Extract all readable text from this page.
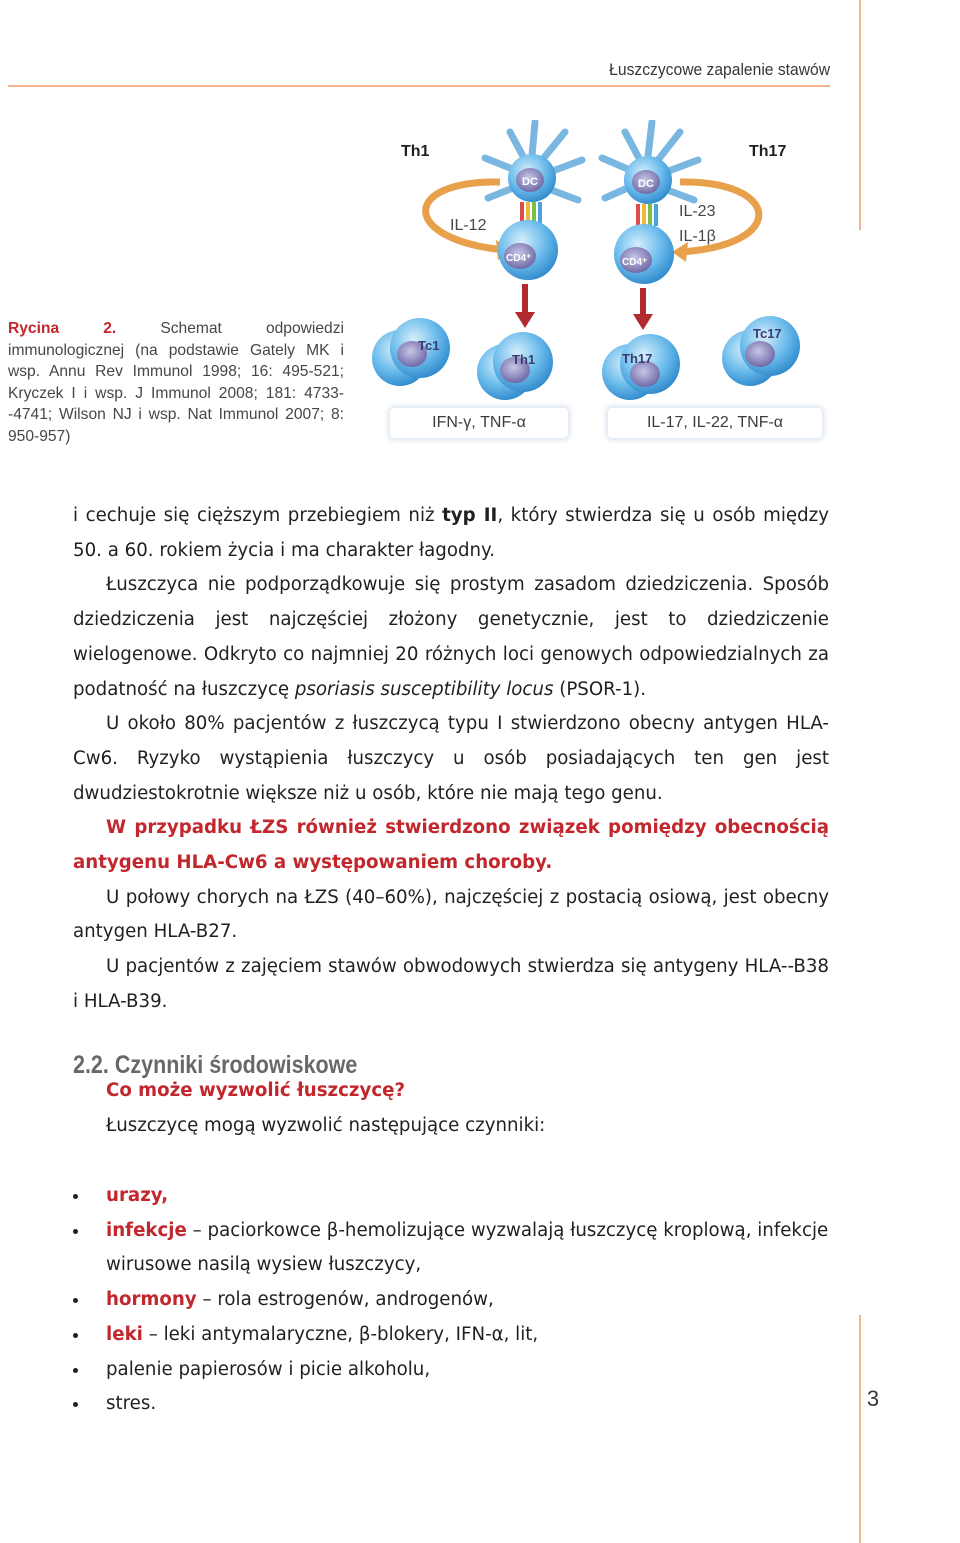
Łuszczycowe zapalenie stawów
Rycina 2.	Schemat odpowiedzi immunologicznej (na podstawie Gately MK i wsp. Annu Rev Immunol 1998; 16: 495-521; Kryczek I i wsp. J Immunol 2008; 181: 4733--4741; Wilson NJ i wsp. Nat Immunol 2007; 8: 950-957)
DC
CD4⁺
DC
CD4⁺
Tc1
Th1	Th17
Tc17
Th1	Th17
IL-12
IL-23
IL-1β
IFN-γ, TNF-α	IL-17, IL-22, TNF-α

i cechuje się cięższym przebiegiem niż typ II, który stwierdza się u osób między 50. a 60. rokiem życia i ma charakter łagodny.

Łuszczyca nie podporządkowuje się prostym zasadom dziedziczenia. Sposób dziedziczenia jest najczęściej złożony genetycznie, jest to dziedziczenie wielogenowe. Odkryto co najmniej 20 różnych loci genowych odpowiedzialnych za podatność na łuszczycę psoriasis susceptibility locus (PSOR-1).

U około 80% pacjentów z łuszczycą typu I stwierdzono obecny antygen HLA-Cw6. Ryzyko wystąpienia łuszczycy u osób posiadających ten gen jest dwudziestokrotnie większe niż u osób, które nie mają tego genu.

W przypadku ŁZS również stwierdzono związek pomiędzy obecnością antygenu HLA-Cw6 a występowaniem choroby.

U połowy chorych na ŁZS (40–60%), najczęściej z postacią osiową, jest obecny antygen HLA-B27.

U pacjentów z zajęciem stawów obwodowych stwierdza się antygeny HLA--B38 i HLA-B39.

2.2. Czynniki środowiskowe

Co może wyzwolić łuszczycę?

Łuszczycę mogą wyzwolić następujące czynniki:

urazy,
infekcje – paciorkowce β-hemolizujące wyzwalają łuszczycę kroplową, infekcje wirusowe nasilą wysiew łuszczycy,
hormony – rola estrogenów, androgenów,
leki – leki antymalaryczne, β-blokery, IFN-α, lit,
palenie papierosów i picie alkoholu,
stres.	3
